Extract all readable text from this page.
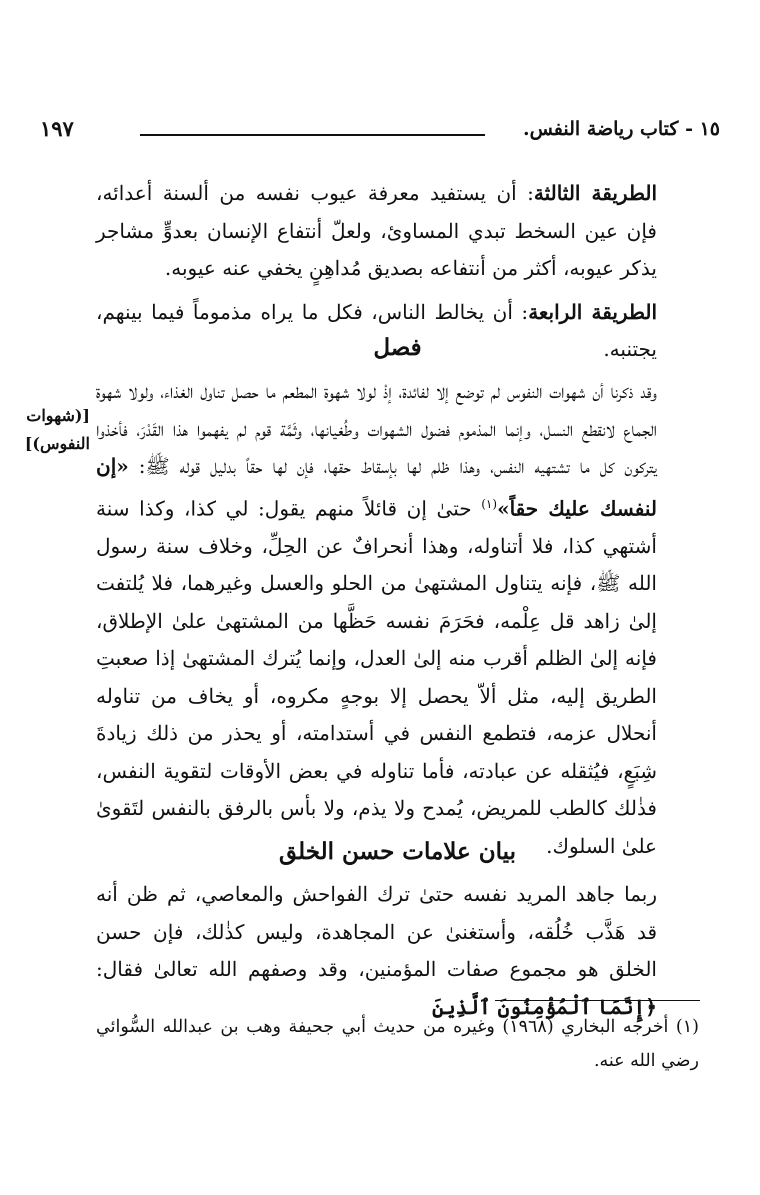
١٥ - كتاب رياضة النفس.
١٩٧
الطريقة الثالثة: أن يستفيد معرفة عيوب نفسه من ألسنة أعدائه، فإن عين السخط تبدي المساوئ، ولعلّ أنتفاع الإنسان بعدوٍّ مشاجر يذكر عيوبه، أكثر من أنتفاعه بصديق مُداهِنٍ يخفي عنه عيوبه.
الطريقة الرابعة: أن يخالط الناس، فكل ما يراه مذموماً فيما بينهم، يجتنبه.
فصل
[(شهوات النفوس)]
وقد ذكرنا أن شهوات النفوس لم توضع إلا لفائدة، إذْ لولا شهوة المطعم ما حصل تناول الغذاء، ولولا شهوة الجماع لانقطع النسل، وإنما المذموم فضول الشهوات وطُغيانها، وثَمَّة قوم لم يفهموا هذا القَدْرَ، فأخذوا يتركون كل ما تشتهيه النفس، وهذا ظلم لها بإسقاط حقها، فإن لها حقاً بدليل قوله ﷺ: «إن لنفسك عليك حقاً»$^{(١)}$ حتىٰ إن قائلاً منهم يقول: لي كذا، وكذا سنة أشتهي كذا، فلا أتناوله، وهذا أنحرافٌ عن الحِلِّ، وخلاف سنة رسول الله ﷺ، فإنه يتناول المشتهىٰ من الحلو والعسل وغيرهما، فلا يُلتفت إلىٰ زاهد قل عِلْمه، فحَرَمَ نفسه حَظَّها من المشتهىٰ علىٰ الإطلاق، فإنه إلىٰ الظلم أقرب منه إلىٰ العدل، وإنما يُترك المشتهىٰ إذا صعبتِ الطريق إليه، مثل ألاّ يحصل إلا بوجهٍ مكروه، أو يخاف من تناوله أنحلال عزمه، فتطمع النفس في أستدامته، أو يحذر من ذلك زيادةَ شِبَعٍ، فيُثقله عن عبادته، فأما تناوله في بعض الأوقات لتقوية النفس، فذٰلك كالطب للمريض، يُمدح ولا يذم، ولا بأس بالرفق بالنفس لتَقوىٰ علىٰ السلوك.
بيان علامات حسن الخلق
ربما جاهد المريد نفسه حتىٰ ترك الفواحش والمعاصي، ثم ظن أنه قد هَذَّب خُلُقه، وأستغنىٰ عن المجاهدة، وليس كذٰلك، فإن حسن الخلق هو مجموع صفات المؤمنين، وقد وصفهم الله تعالىٰ فقال: ﴿إِنَّمَا ٱلْمُؤْمِنُونَ ٱلَّذِينَ
(١) أخرجه البخاري (١٩٦٨) وغيره من حديث أبي جحيفة وهب بن عبدالله السُّوائي رضي الله عنه.
